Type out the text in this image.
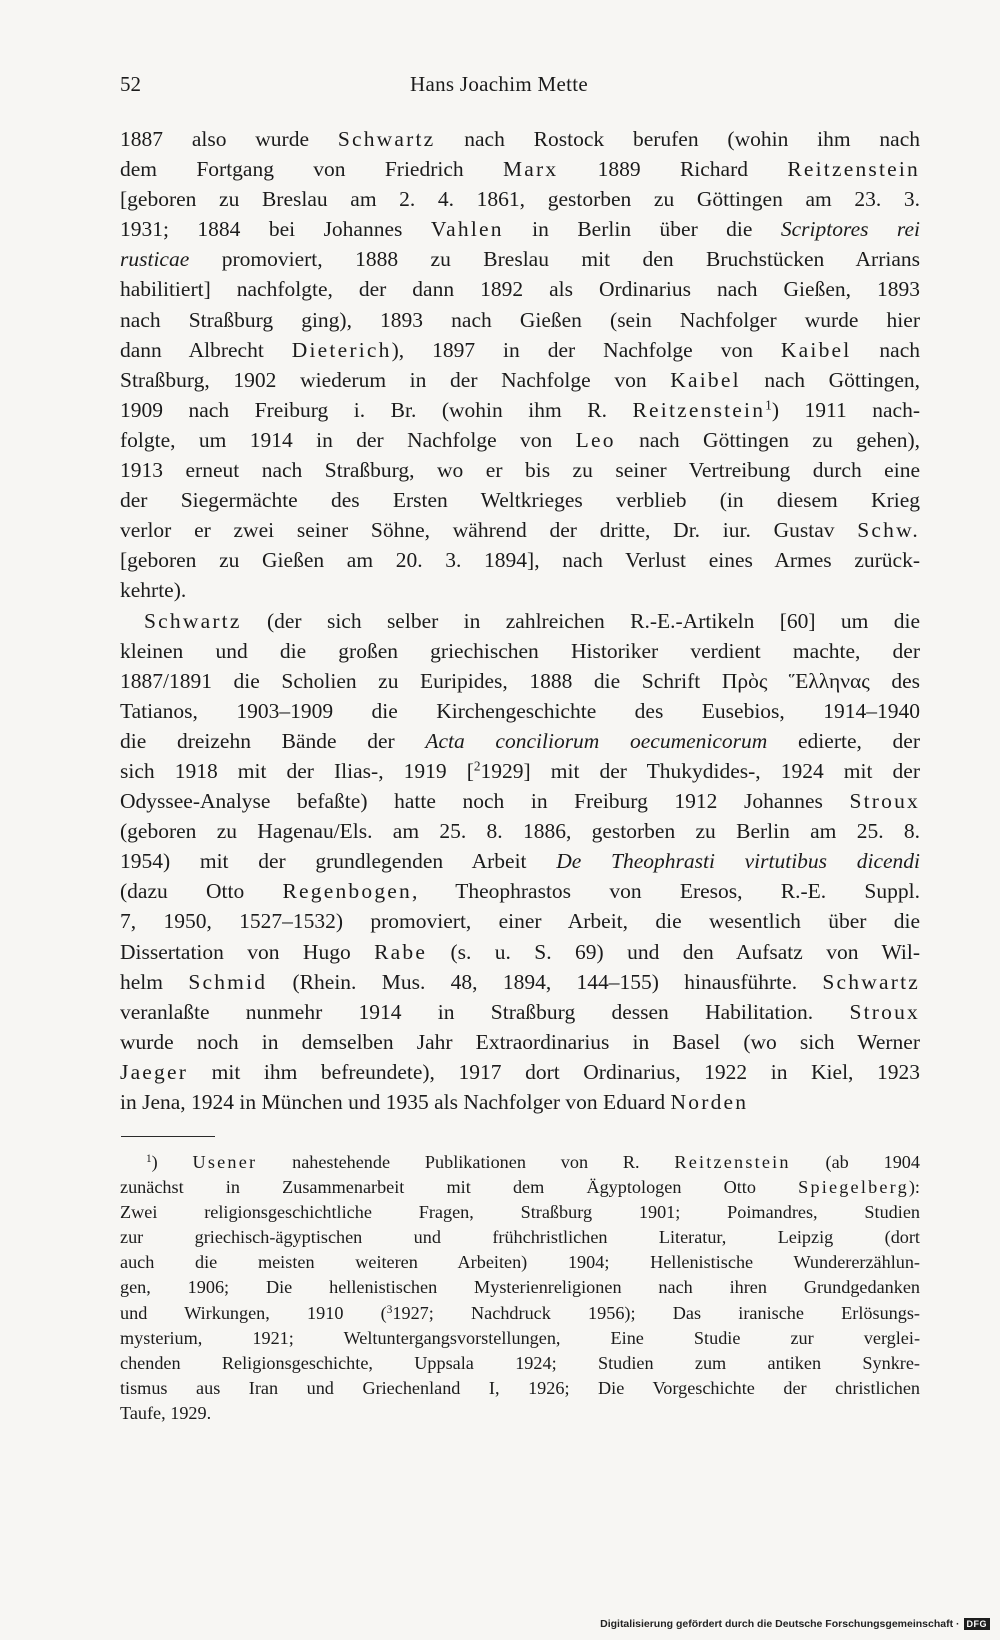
52	Hans Joachim Mette
1887 also wurde Schwartz nach Rostock berufen (wohin ihm nach
dem Fortgang von Friedrich Marx 1889 Richard Reitzenstein
[geboren zu Breslau am 2. 4. 1861, gestorben zu Göttingen am 23. 3.
1931; 1884 bei Johannes Vahlen in Berlin über die Scriptores rei
rusticae promoviert, 1888 zu Breslau mit den Bruchstücken Arrians
habilitiert] nachfolgte, der dann 1892 als Ordinarius nach Gießen, 1893
nach Straßburg ging), 1893 nach Gießen (sein Nachfolger wurde hier
dann Albrecht Dieterich), 1897 in der Nachfolge von Kaibel nach
Straßburg, 1902 wiederum in der Nachfolge von Kaibel nach Göttingen,
1909 nach Freiburg i. Br. (wohin ihm R. Reitzenstein$^1$) 1911 nach-
folgte, um 1914 in der Nachfolge von Leo nach Göttingen zu gehen),
1913 erneut nach Straßburg, wo er bis zu seiner Vertreibung durch eine
der Siegermächte des Ersten Weltkrieges verblieb (in diesem Krieg
verlor er zwei seiner Söhne, während der dritte, Dr. iur. Gustav Schw.
[geboren zu Gießen am 20. 3. 1894], nach Verlust eines Armes zurück-
kehrte).
Schwartz (der sich selber in zahlreichen R.-E.-Artikeln [60] um die
kleinen und die großen griechischen Historiker verdient machte, der
1887/1891 die Scholien zu Euripides, 1888 die Schrift Πρὸς Ἕλληνας des
Tatianos, 1903–1909 die Kirchengeschichte des Eusebios, 1914–1940
die dreizehn Bände der Acta conciliorum oecumenicorum edierte, der
sich 1918 mit der Ilias-, 1919 [$^2$1929] mit der Thukydides-, 1924 mit der
Odyssee-Analyse befaßte) hatte noch in Freiburg 1912 Johannes Stroux
(geboren zu Hagenau/Els. am 25. 8. 1886, gestorben zu Berlin am 25. 8.
1954) mit der grundlegenden Arbeit De Theophrasti virtutibus dicendi
(dazu Otto Regenbogen, Theophrastos von Eresos, R.-E. Suppl.
7, 1950, 1527–1532) promoviert, einer Arbeit, die wesentlich über die
Dissertation von Hugo Rabe (s. u. S. 69) und den Aufsatz von Wil-
helm Schmid (Rhein. Mus. 48, 1894, 144–155) hinausführte. Schwartz
veranlaßte nunmehr 1914 in Straßburg dessen Habilitation. Stroux
wurde noch in demselben Jahr Extraordinarius in Basel (wo sich Werner
Jaeger mit ihm befreundete), 1917 dort Ordinarius, 1922 in Kiel, 1923
in Jena, 1924 in München und 1935 als Nachfolger von Eduard Norden
$^1$) Usener nahestehende Publikationen von R. Reitzenstein (ab 1904
zunächst in Zusammenarbeit mit dem Ägyptologen Otto Spiegelberg):
Zwei religionsgeschichtliche Fragen, Straßburg 1901; Poimandres, Studien
zur griechisch-ägyptischen und frühchristlichen Literatur, Leipzig (dort
auch die meisten weiteren Arbeiten) 1904; Hellenistische Wundererzählun-
gen, 1906; Die hellenistischen Mysterienreligionen nach ihren Grundgedanken
und Wirkungen, 1910 ($^3$1927; Nachdruck 1956); Das iranische Erlösungs-
mysterium, 1921; Weltuntergangsvorstellungen, Eine Studie zur verglei-
chenden Religionsgeschichte, Uppsala 1924; Studien zum antiken Synkre-
tismus aus Iran und Griechenland I, 1926; Die Vorgeschichte der christlichen
Taufe, 1929.
Digitalisierung gefördert durch die Deutsche Forschungsgemeinschaft · DFG
